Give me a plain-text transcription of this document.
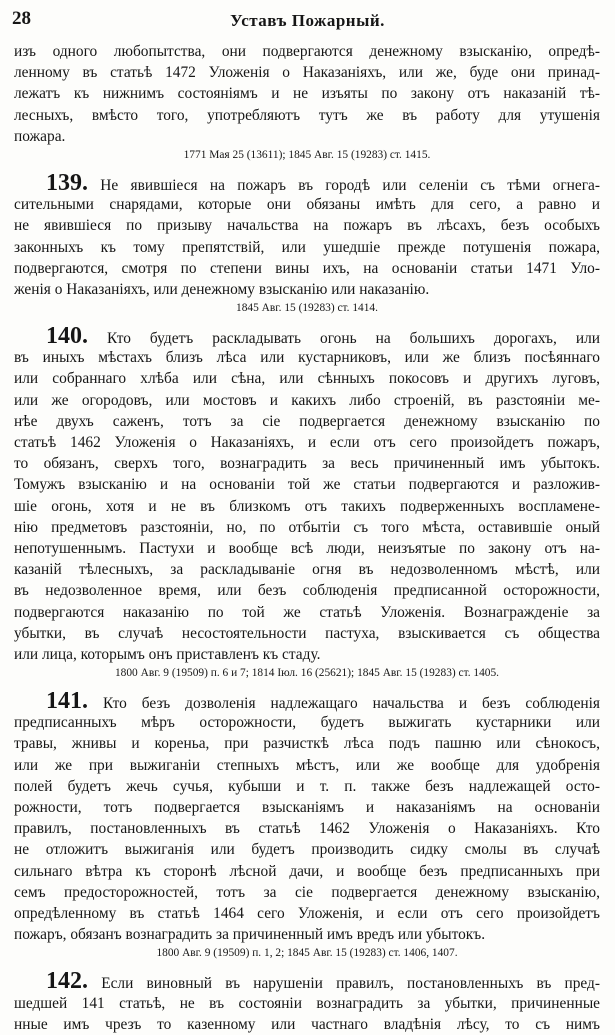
28	Уставъ Пожарный.
изъ одного любопытства, они подвергаются денежному взысканію, опредѣ-
ленному въ статьѣ 1472 Уложенія о Наказаніяхъ, или же, буде они принад-
лежатъ къ нижнимъ состояніямъ и не изъяты по закону отъ наказаній тѣ-
лесныхъ, вмѣсто того, употребляютъ тутъ же въ работу для утушенія
пожара.
1771 Мая 25 (13611); 1845 Авг. 15 (19283) ст. 1415.
139. Не явившіеся на пожаръ въ городѣ или селеніи съ тѣми огнега-
сительными снарядами, которые они обязаны имѣть для сего, а равно и
не явившіеся по призыву начальства на пожаръ въ лѣсахъ, безъ особыхъ
законныхъ къ тому препятствій, или ушедшіе прежде потушенія пожара,
подвергаются, смотря по степени вины ихъ, на основаніи статьи 1471 Уло-
женія о Наказаніяхъ, или денежному взысканію или наказанію.
1845 Авг. 15 (19283) ст. 1414.
140. Кто будетъ раскладывать огонь на большихъ дорогахъ, или
въ иныхъ мѣстахъ близъ лѣса или кустарниковъ, или же близъ посѣяннаго
или собраннаго хлѣба или сѣна, или сѣнныхъ покосовъ и другихъ луговъ,
или же огородовъ, или мостовъ и какихъ либо строеній, въ разстояніи ме-
нѣе двухъ саженъ, тотъ за сіе подвергается денежному взысканію по
статьѣ 1462 Уложенія о Наказаніяхъ, и если отъ сего произойдетъ пожаръ,
то обязанъ, сверхъ того, вознаградить за весь причиненный имъ убытокъ.
Томужъ взысканію и на основаніи той же статьи подвергаются и разложив-
шіе огонь, хотя и не въ близкомъ отъ такихъ подверженныхъ воспламене-
нію предметовъ разстояніи, но, по отбытіи съ того мѣста, оставившіе оный
непотушеннымъ. Пастухи и вообще всѣ люди, неизъятые по закону отъ на-
казаній тѣлесныхъ, за раскладываніе огня въ недозволенномъ мѣстѣ, или
въ недозволенное время, или безъ соблюденія предписанной осторожности,
подвергаются наказанію по той же статьѣ Уложенія. Вознагражденіе за
убытки, въ случаѣ несостоятельности пастуха, взыскивается съ общества
или лица, которымъ онъ приставленъ къ стаду.
1800 Авг. 9 (19509) п. 6 и 7; 1814 Іюл. 16 (25621); 1845 Авг. 15 (19283) ст. 1405.
141. Кто безъ дозволенія надлежащаго начальства и безъ соблюденія
предписанныхъ мѣръ осторожности, будетъ выжигать кустарники или
травы, жнивы и кореньа, при разчисткѣ лѣса подъ пашню или сѣнокосъ,
или же при выжиганіи степныхъ мѣстъ, или же вообще для удобренія
полей будетъ жечь сучья, кубыши и т. п. также безъ надлежащей осто-
рожности, тотъ подвергается взысканіямъ и наказаніямъ на основаніи
правилъ, постановленныхъ въ статьѣ 1462 Уложенія о Наказаніяхъ. Кто
не отложитъ выжиганія или будетъ производить сидку смолы въ случаѣ
сильнаго вѣтра къ сторонѣ лѣсной дачи, и вообще безъ предписанныхъ при
семъ предосторожностей, тотъ за сіе подвергается денежному взысканію,
опредѣленному въ статьѣ 1464 сего Уложенія, и если отъ сего произойдетъ
пожаръ, обязанъ вознаградить за причиненный имъ вредъ или убытокъ.
1800 Авг. 9 (19509) п. 1, 2; 1845 Авг. 15 (19283) ст. 1406, 1407.
142. Если виновный въ нарушеніи правилъ, постановленныхъ въ пред-
шедшей 141 статьѣ, не въ состояніи вознаградить за убытки, причиненные
нные имъ чрезъ то казенному или частнаго владѣнія лѣсу, то съ нимъ
